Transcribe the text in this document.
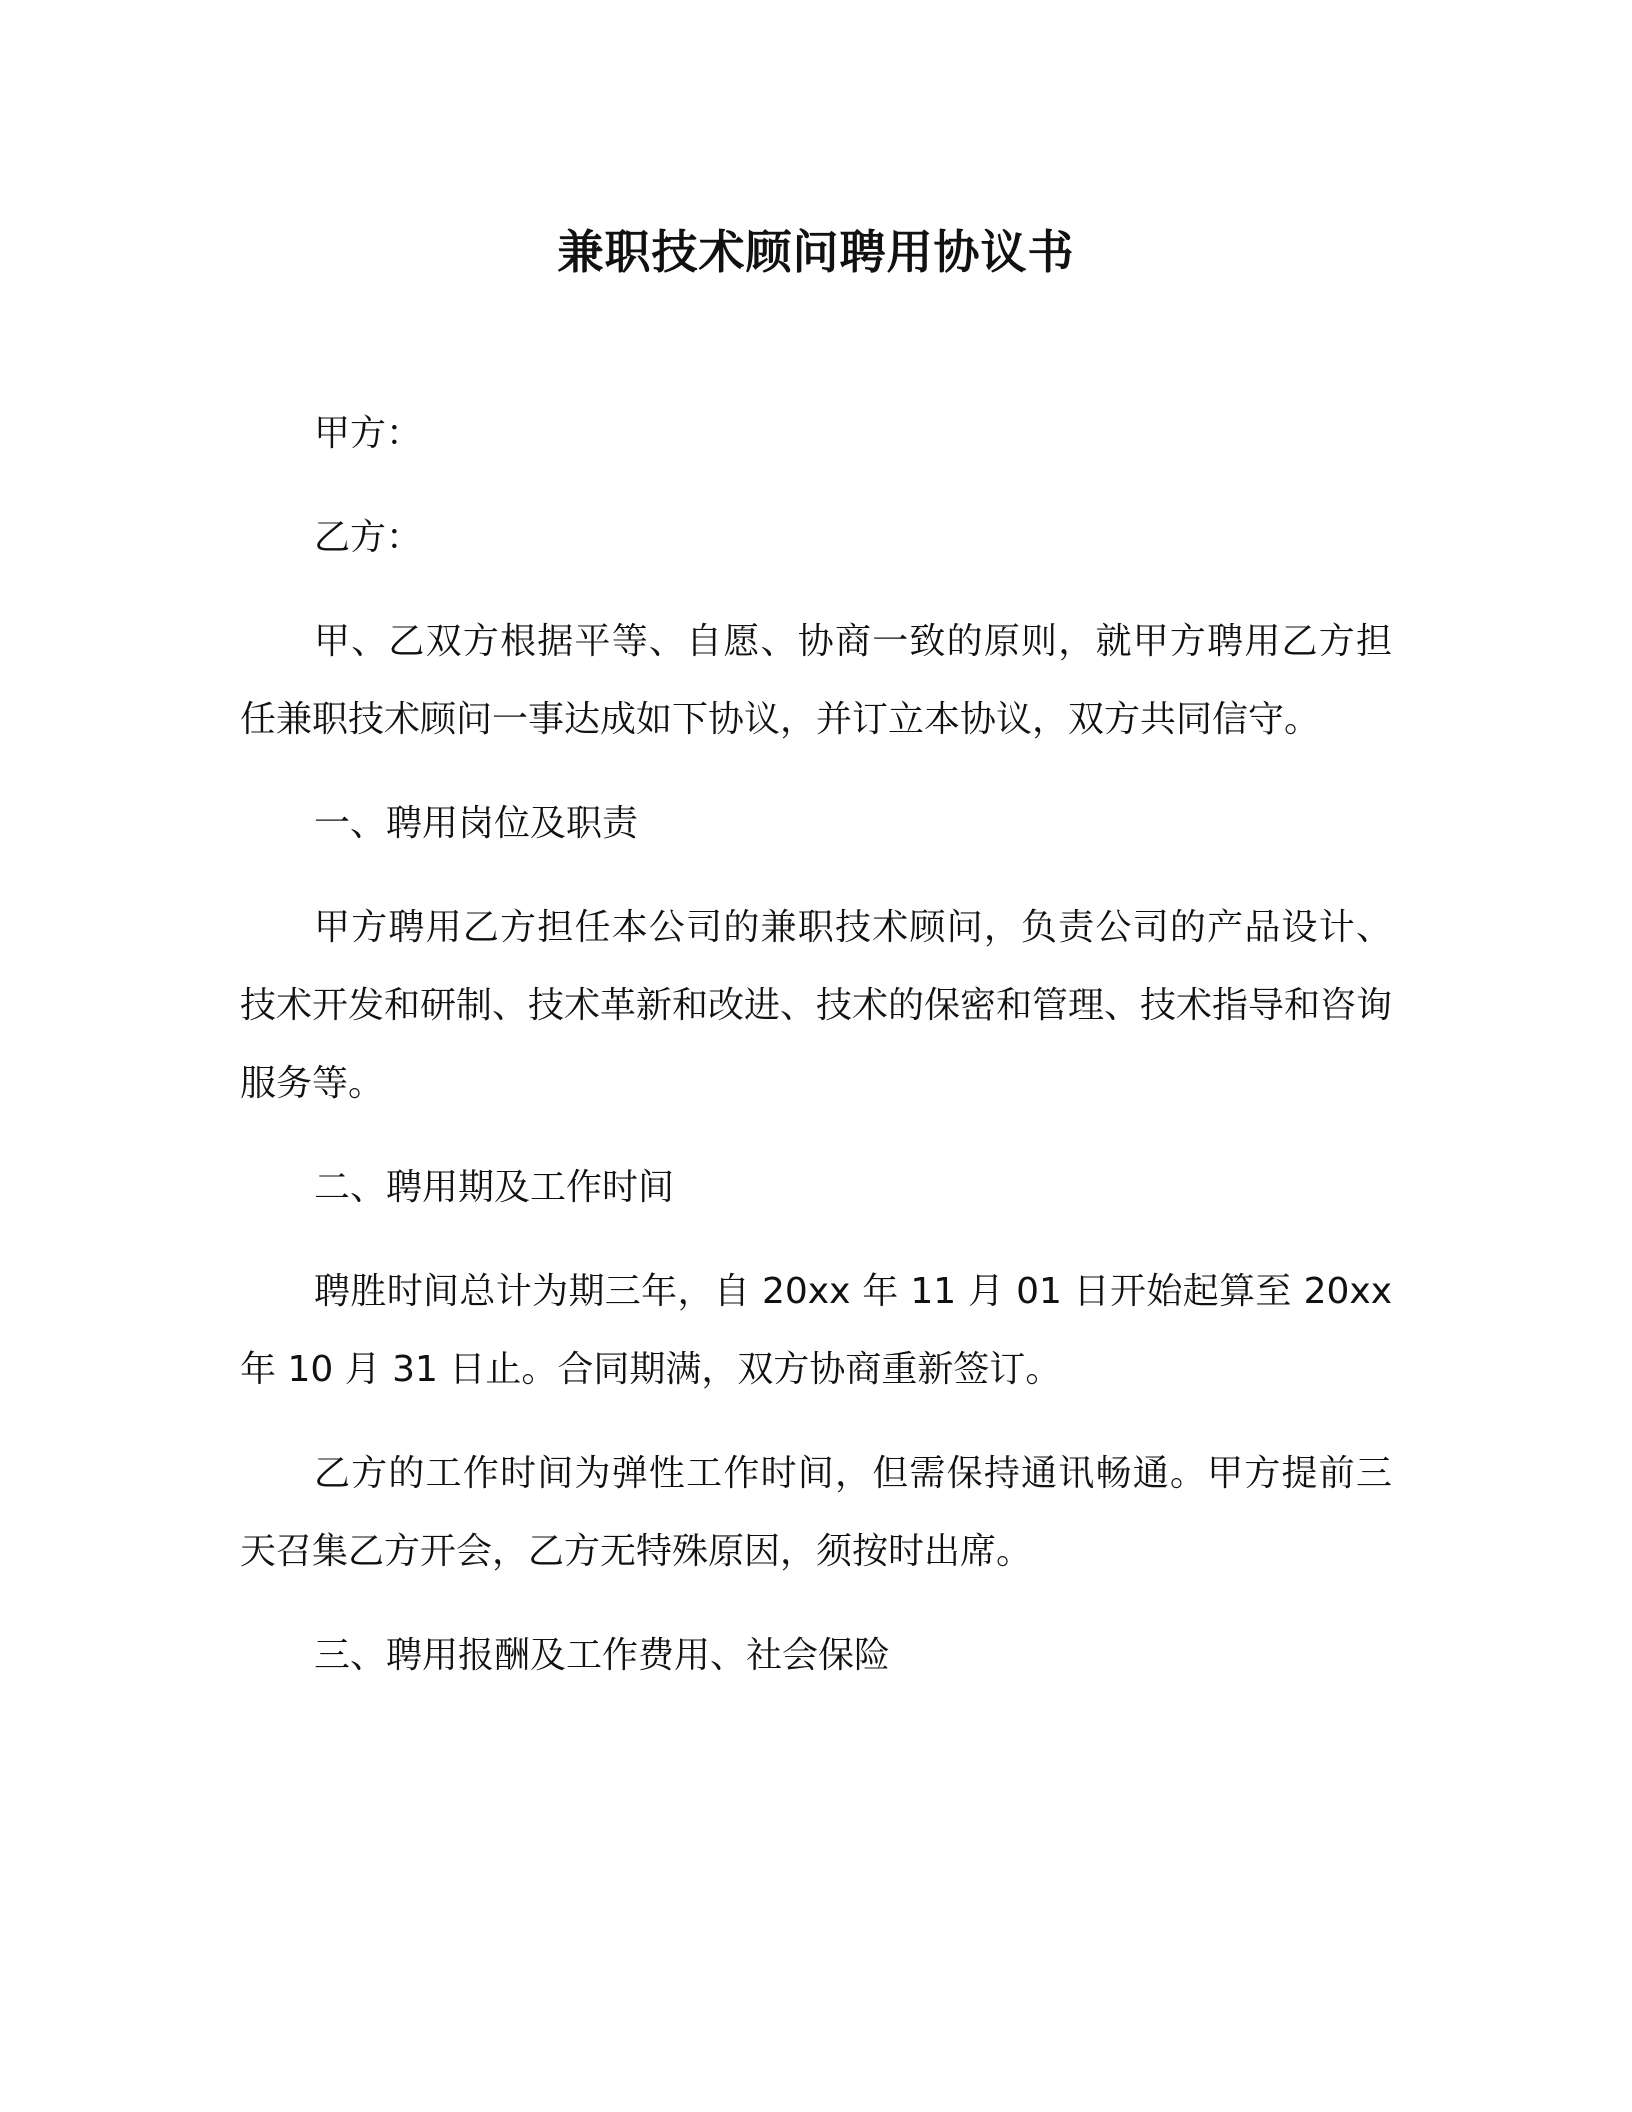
兼职技术顾问聘用协议书

甲方：

乙方：

甲、乙双方根据平等、自愿、协商一致的原则，就甲方聘用乙方担任兼职技术顾问一事达成如下协议，并订立本协议，双方共同信守。

一、聘用岗位及职责

甲方聘用乙方担任本公司的兼职技术顾问，负责公司的产品设计、技术开发和研制、技术革新和改进、技术的保密和管理、技术指导和咨询服务等。

二、聘用期及工作时间

聘胜时间总计为期三年，自 20xx 年 11 月 01 日开始起算至 20xx 年 10 月 31 日止。合同期满，双方协商重新签订。

乙方的工作时间为弹性工作时间，但需保持通讯畅通。甲方提前三天召集乙方开会，乙方无特殊原因，须按时出席。

三、聘用报酬及工作费用、社会保险
